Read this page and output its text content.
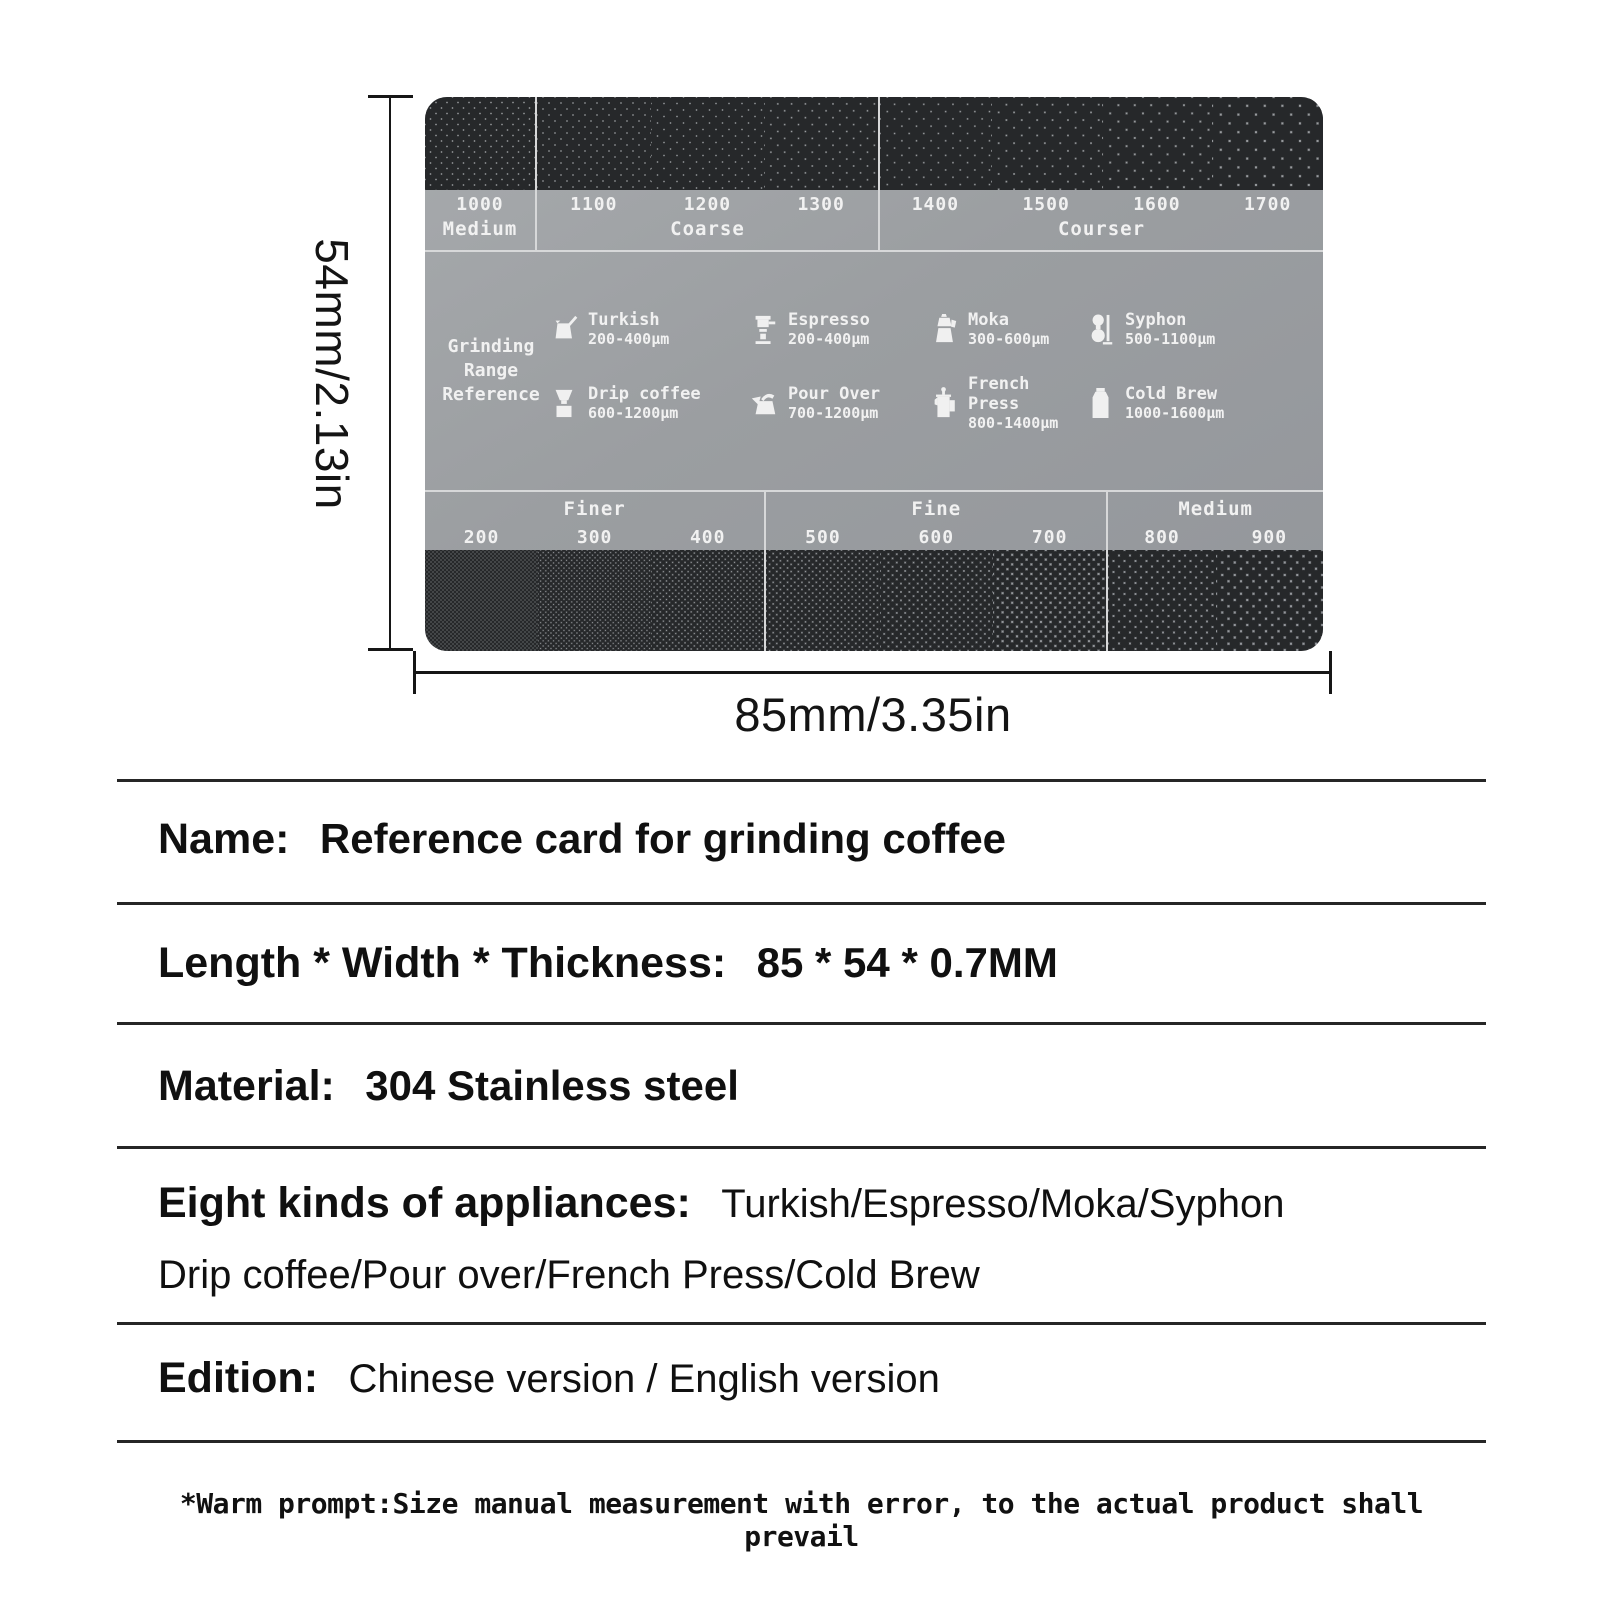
1000
Medium
1100	1200	1300
Coarse
1400	1500	1600	1700
Courser
Grinding
Range
Reference
Turkish
200-400μm
Espresso
200-400μm
Moka
300-600μm
Syphon
500-1100μm
Drip coffee
600-1200μm
Pour Over
700-1200μm
French Press
800-1400μm
Cold Brew
1000-1600μm
Finer
200	300	400
Fine
500	600	700
Medium
800	900
54mm/2.13in
85mm/3.35in
Name: Reference card for grinding coffee
Length * Width * Thickness: 85 * 54 * 0.7MM
Material: 304 Stainless steel
Eight kinds of appliances: Turkish/Espresso/Moka/Syphon
Drip coffee/Pour over/French Press/Cold Brew
Edition: Chinese version / English version
*Warm prompt:Size manual measurement with error, to the actual product shall prevail
